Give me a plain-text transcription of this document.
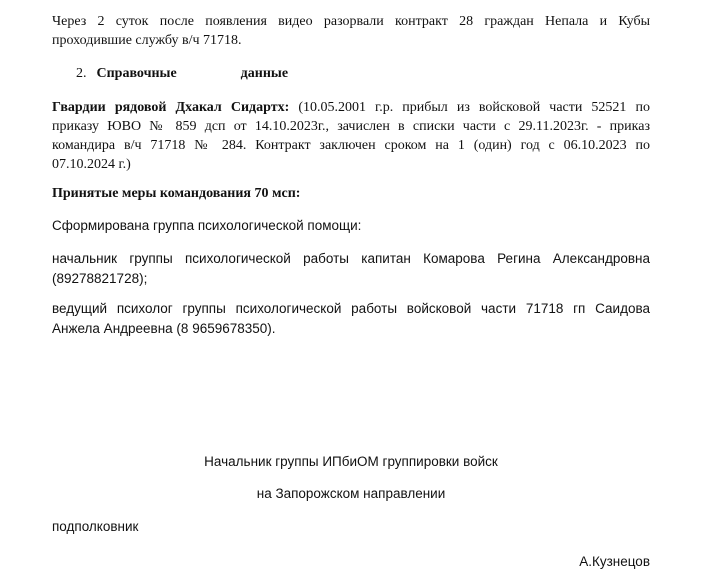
Через 2 суток после появления видео разорвали контракт 28 граждан Непала и Кубы
проходившие службу в/ч 71718.
2. Справочные	данные
Гвардии рядовой Дхакал Сидартх: (10.05.2001 г.р. прибыл из войсковой части 52521 по
приказу ЮВО № 859 дсп от 14.10.2023г., зачислен в списки части с 29.11.2023г. - приказ
командира в/ч 71718 № 284. Контракт заключен сроком на 1 (один) год с 06.10.2023 по
07.10.2024 г.)
Принятые меры командования 70 мсп:
Сформирована группа психологической помощи:
начальник группы психологической работы капитан Комарова Регина Александровна
(89278821728);
ведущий психолог группы психологической работы войсковой части 71718 гп Саидова
Анжела Андреевна (8 9659678350).
Начальник группы ИПбиОМ группировки войск
на Запорожском направлении
подполковник
А.Кузнецов
